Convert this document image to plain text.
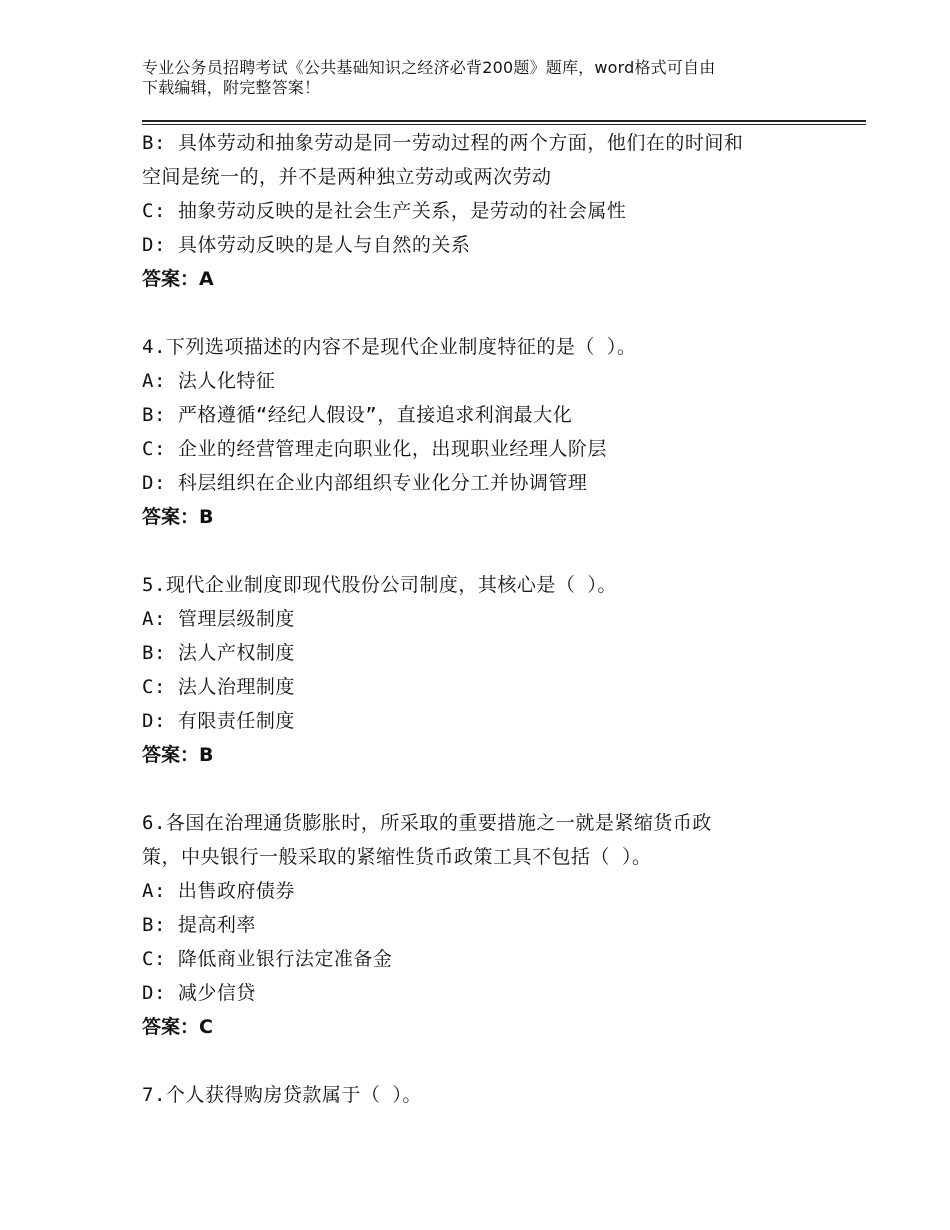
专业公务员招聘考试《公共基础知识之经济必背200题》题库，word格式可自由
下载编辑，附完整答案！
B: 具体劳动和抽象劳动是同一劳动过程的两个方面，他们在的时间和
空间是统一的，并不是两种独立劳动或两次劳动
C: 抽象劳动反映的是社会生产关系，是劳动的社会属性
D: 具体劳动反映的是人与自然的关系
答案：A
4.下列选项描述的内容不是现代企业制度特征的是（ ）。
A: 法人化特征
B: 严格遵循“经纪人假设”，直接追求利润最大化
C: 企业的经营管理走向职业化，出现职业经理人阶层
D: 科层组织在企业内部组织专业化分工并协调管理
答案：B
5.现代企业制度即现代股份公司制度，其核心是（ ）。
A: 管理层级制度
B: 法人产权制度
C: 法人治理制度
D: 有限责任制度
答案：B
6.各国在治理通货膨胀时，所采取的重要措施之一就是紧缩货币政
策，中央银行一般采取的紧缩性货币政策工具不包括（ ）。
A: 出售政府债券
B: 提高利率
C: 降低商业银行法定准备金
D: 减少信贷
答案：C
7.个人获得购房贷款属于（ ）。
